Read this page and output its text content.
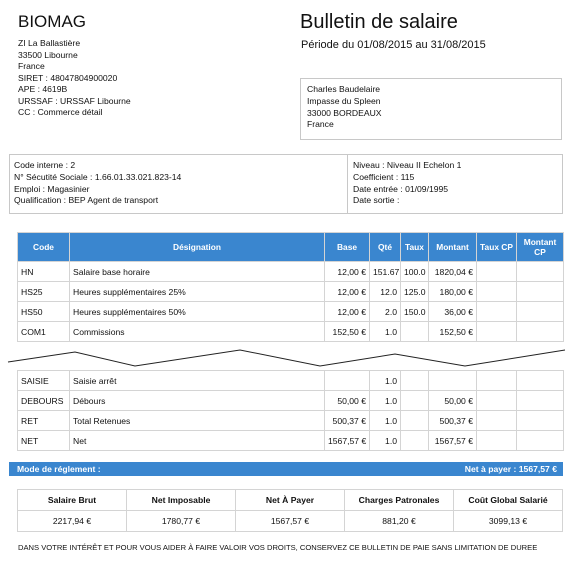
BIOMAG
ZI La Ballastière
33500 Libourne
France
SIRET : 48047804900020
APE : 4619B
URSSAF : URSSAF Libourne
CC : Commerce détail
Bulletin de salaire
Période du 01/08/2015 au 31/08/2015
Charles Baudelaire
Impasse du Spleen
33000 BORDEAUX
France
Code interne : 2
N° Sécutité Sociale : 1.66.01.33.021.823-14
Emploi : Magasinier
Qualification : BEP Agent de transport
Niveau : Niveau II Echelon 1
Coefficient : 115
Date entrée : 01/09/1995
Date sortie :
Code	Désignation	Base	Qté	Taux	Montant	Taux CP	Montant CP
HN	Salaire base horaire	12,00 €	151.67	100.0	1820,04 €		
HS25	Heures supplémentaires 25%	12,00 €	12.0	125.0	180,00 €		
HS50	Heures supplémentaires 50%	12,00 €	2.0	150.0	36,00 €		
COM1	Commissions	152,50 €	1.0		152,50 €		
SAISIE	Saisie arrêt		1.0				
DEBOURS	Débours	50,00 €	1.0		50,00 €		
RET	Total Retenues	500,37 €	1.0		500,37 €		
NET	Net	1567,57 €	1.0		1567,57 €		
Mode de réglement :	Net à payer : 1567,57 €
Salaire Brut	Net Imposable	Net À Payer	Charges Patronales	Coût Global Salarié
2217,94 €	1780,77 €	1567,57 €	881,20 €	3099,13 €
DANS VOTRE INTÉRÊT ET POUR VOUS AIDER À FAIRE VALOIR VOS DROITS, CONSERVEZ CE BULLETIN DE PAIE SANS LIMITATION DE DUREE
